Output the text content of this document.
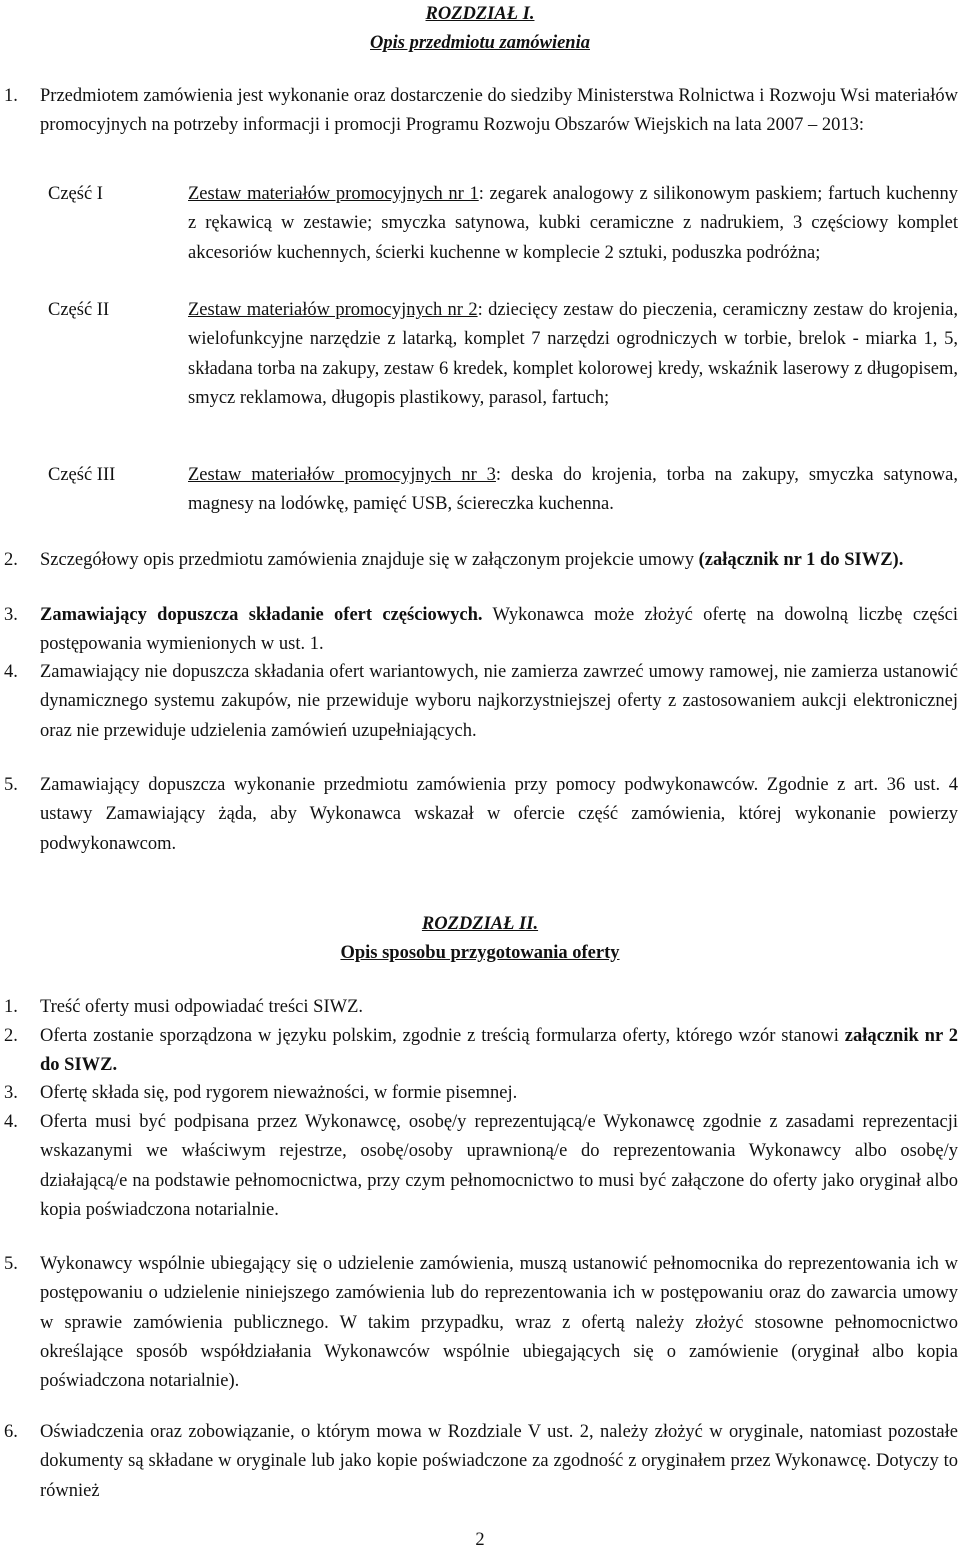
ROZDZIAŁ I.
Opis przedmiotu zamówienia
1.	Przedmiotem zamówienia jest wykonanie oraz dostarczenie do siedziby Ministerstwa Rolnictwa i Rozwoju Wsi materiałów promocyjnych na potrzeby informacji i promocji Programu Rozwoju Obszarów Wiejskich na lata 2007 – 2013:
Część I	Zestaw materiałów promocyjnych nr 1: zegarek analogowy z silikonowym paskiem; fartuch kuchenny z rękawicą w zestawie; smyczka satynowa, kubki ceramiczne z nadrukiem, 3 częściowy komplet akcesoriów kuchennych, ścierki kuchenne w komplecie 2 sztuki, poduszka podróżna;
Część II	Zestaw materiałów promocyjnych nr 2: dziecięcy zestaw do pieczenia, ceramiczny zestaw do krojenia, wielofunkcyjne narzędzie z latarką, komplet 7 narzędzi ogrodniczych w torbie, brelok - miarka 1, 5, składana torba na zakupy, zestaw 6 kredek, komplet kolorowej kredy, wskaźnik laserowy z długopisem, smycz reklamowa, długopis plastikowy, parasol, fartuch;
Część III	Zestaw materiałów promocyjnych nr 3: deska do krojenia, torba na zakupy, smyczka satynowa, magnesy na lodówkę, pamięć USB, ściereczka kuchenna.
2.	Szczegółowy opis przedmiotu zamówienia znajduje się w załączonym projekcie umowy (załącznik nr 1 do SIWZ).
3.	Zamawiający dopuszcza składanie ofert częściowych. Wykonawca może złożyć ofertę na dowolną liczbę części postępowania wymienionych w ust. 1.
4.	Zamawiający nie dopuszcza składania ofert wariantowych, nie zamierza zawrzeć umowy ramowej, nie zamierza ustanowić dynamicznego systemu zakupów, nie przewiduje wyboru najkorzystniejszej oferty z zastosowaniem aukcji elektronicznej oraz nie przewiduje udzielenia zamówień uzupełniających.
5.	Zamawiający dopuszcza wykonanie przedmiotu zamówienia przy pomocy podwykonawców. Zgodnie z art. 36 ust. 4 ustawy Zamawiający żąda, aby Wykonawca wskazał w ofercie część zamówienia, której wykonanie powierzy podwykonawcom.
ROZDZIAŁ II.
Opis sposobu przygotowania oferty
1.	Treść oferty musi odpowiadać treści SIWZ.
2.	Oferta zostanie sporządzona w języku polskim, zgodnie z treścią formularza oferty, którego wzór stanowi załącznik nr 2 do SIWZ.
3.	Ofertę składa się, pod rygorem nieważności, w formie pisemnej.
4.	Oferta musi być podpisana przez Wykonawcę, osobę/y reprezentującą/e Wykonawcę zgodnie z zasadami reprezentacji wskazanymi we właściwym rejestrze, osobę/osoby uprawnioną/e do reprezentowania Wykonawcy albo osobę/y działającą/e na podstawie pełnomocnictwa, przy czym pełnomocnictwo to musi być załączone do oferty jako oryginał albo kopia poświadczona notarialnie.
5.	Wykonawcy wspólnie ubiegający się o udzielenie zamówienia, muszą ustanowić pełnomocnika do reprezentowania ich w postępowaniu o udzielenie niniejszego zamówienia lub do reprezentowania ich w postępowaniu oraz do zawarcia umowy w sprawie zamówienia publicznego. W takim przypadku, wraz z ofertą należy złożyć stosowne pełnomocnictwo określające sposób współdziałania Wykonawców wspólnie ubiegających się o zamówienie (oryginał albo kopia poświadczona notarialnie).
6.	Oświadczenia oraz zobowiązanie, o którym mowa w Rozdziale V ust. 2, należy złożyć w oryginale, natomiast pozostałe dokumenty są składane w oryginale lub jako kopie poświadczone za zgodność z oryginałem przez Wykonawcę. Dotyczy to również
2
